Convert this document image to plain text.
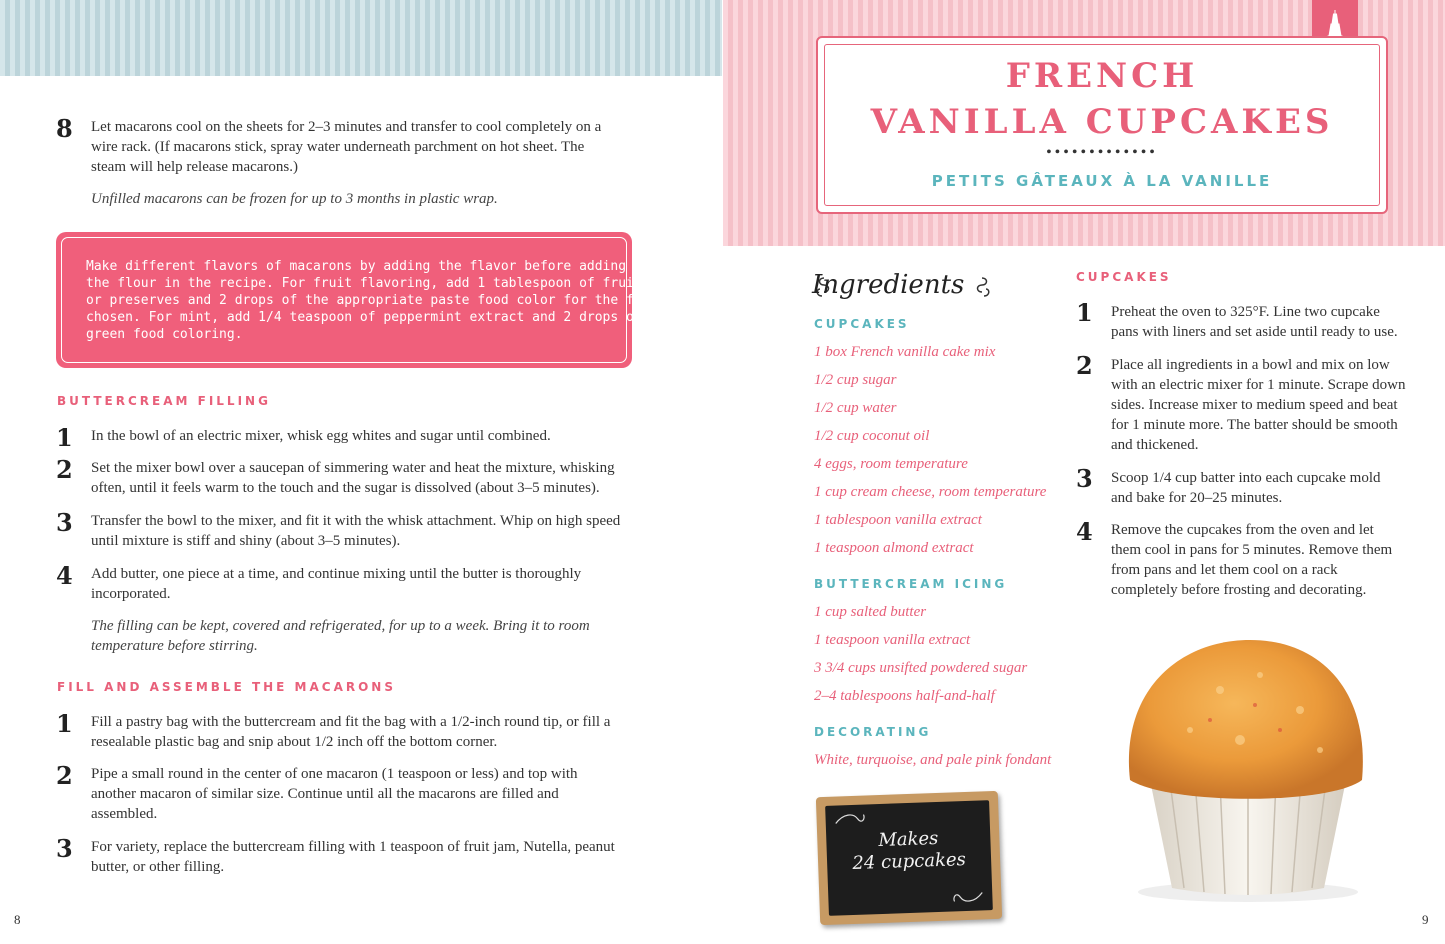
8 Let macarons cool on the sheets for 2–3 minutes and transfer to cool completely on a wire rack. (If macarons stick, spray water underneath parchment on hot sheet. The steam will help release macarons.)
Unfilled macarons can be frozen for up to 3 months in plastic wrap.
Make different flavors of macarons by adding the flavor before adding
the flour in the recipe. For fruit flavoring, add 1 tablespoon of fruit jam
or preserves and 2 drops of the appropriate paste food color for the fruit
chosen. For mint, add 1/4 teaspoon of peppermint extract and 2 drops of
green food coloring.
BUTTERCREAM FILLING
1 In the bowl of an electric mixer, whisk egg whites and sugar until combined.
2 Set the mixer bowl over a saucepan of simmering water and heat the mixture, whisking often, until it feels warm to the touch and the sugar is dissolved (about 3–5 minutes).
3 Transfer the bowl to the mixer, and fit it with the whisk attachment. Whip on high speed until mixture is stiff and shiny (about 3–5 minutes).
4 Add butter, one piece at a time, and continue mixing until the butter is thoroughly incorporated.
The filling can be kept, covered and refrigerated, for up to a week. Bring it to room temperature before stirring.
FILL AND ASSEMBLE THE MACARONS
1 Fill a pastry bag with the buttercream and fit the bag with a 1/2-inch round tip, or fill a resealable plastic bag and snip about 1/2 inch off the bottom corner.
2 Pipe a small round in the center of one macaron (1 teaspoon or less) and top with another macaron of similar size. Continue until all the macarons are filled and assembled.
3 For variety, replace the buttercream filling with 1 teaspoon of fruit jam, Nutella, peanut butter, or other filling.
8
FRENCH
VANILLA CUPCAKES
•••••••••••••
PETITS GÂTEAUX À LA VANILLE
Ingredients
CUPCAKES
1 box French vanilla cake mix
1/2 cup sugar
1/2 cup water
1/2 cup coconut oil
4 eggs, room temperature
1 cup cream cheese, room temperature
1 tablespoon vanilla extract
1 teaspoon almond extract
BUTTERCREAM ICING
1 cup salted butter
1 teaspoon vanilla extract
3 3/4 cups unsifted powdered sugar
2–4 tablespoons half-and-half
DECORATING
White, turquoise, and pale pink fondant
CUPCAKES
1 Preheat the oven to 325°F. Line two cupcake pans with liners and set aside until ready to use.
2 Place all ingredients in a bowl and mix on low with an electric mixer for 1 minute. Scrape down sides. Increase mixer to medium speed and beat for 1 minute more. The batter should be smooth and thickened.
3 Scoop 1/4 cup batter into each cupcake mold and bake for 20–25 minutes.
4 Remove the cupcakes from the oven and let them cool in pans for 5 minutes. Remove them from pans and let them cool on a rack completely before frosting and decorating.
Makes
24 cupcakes
9
